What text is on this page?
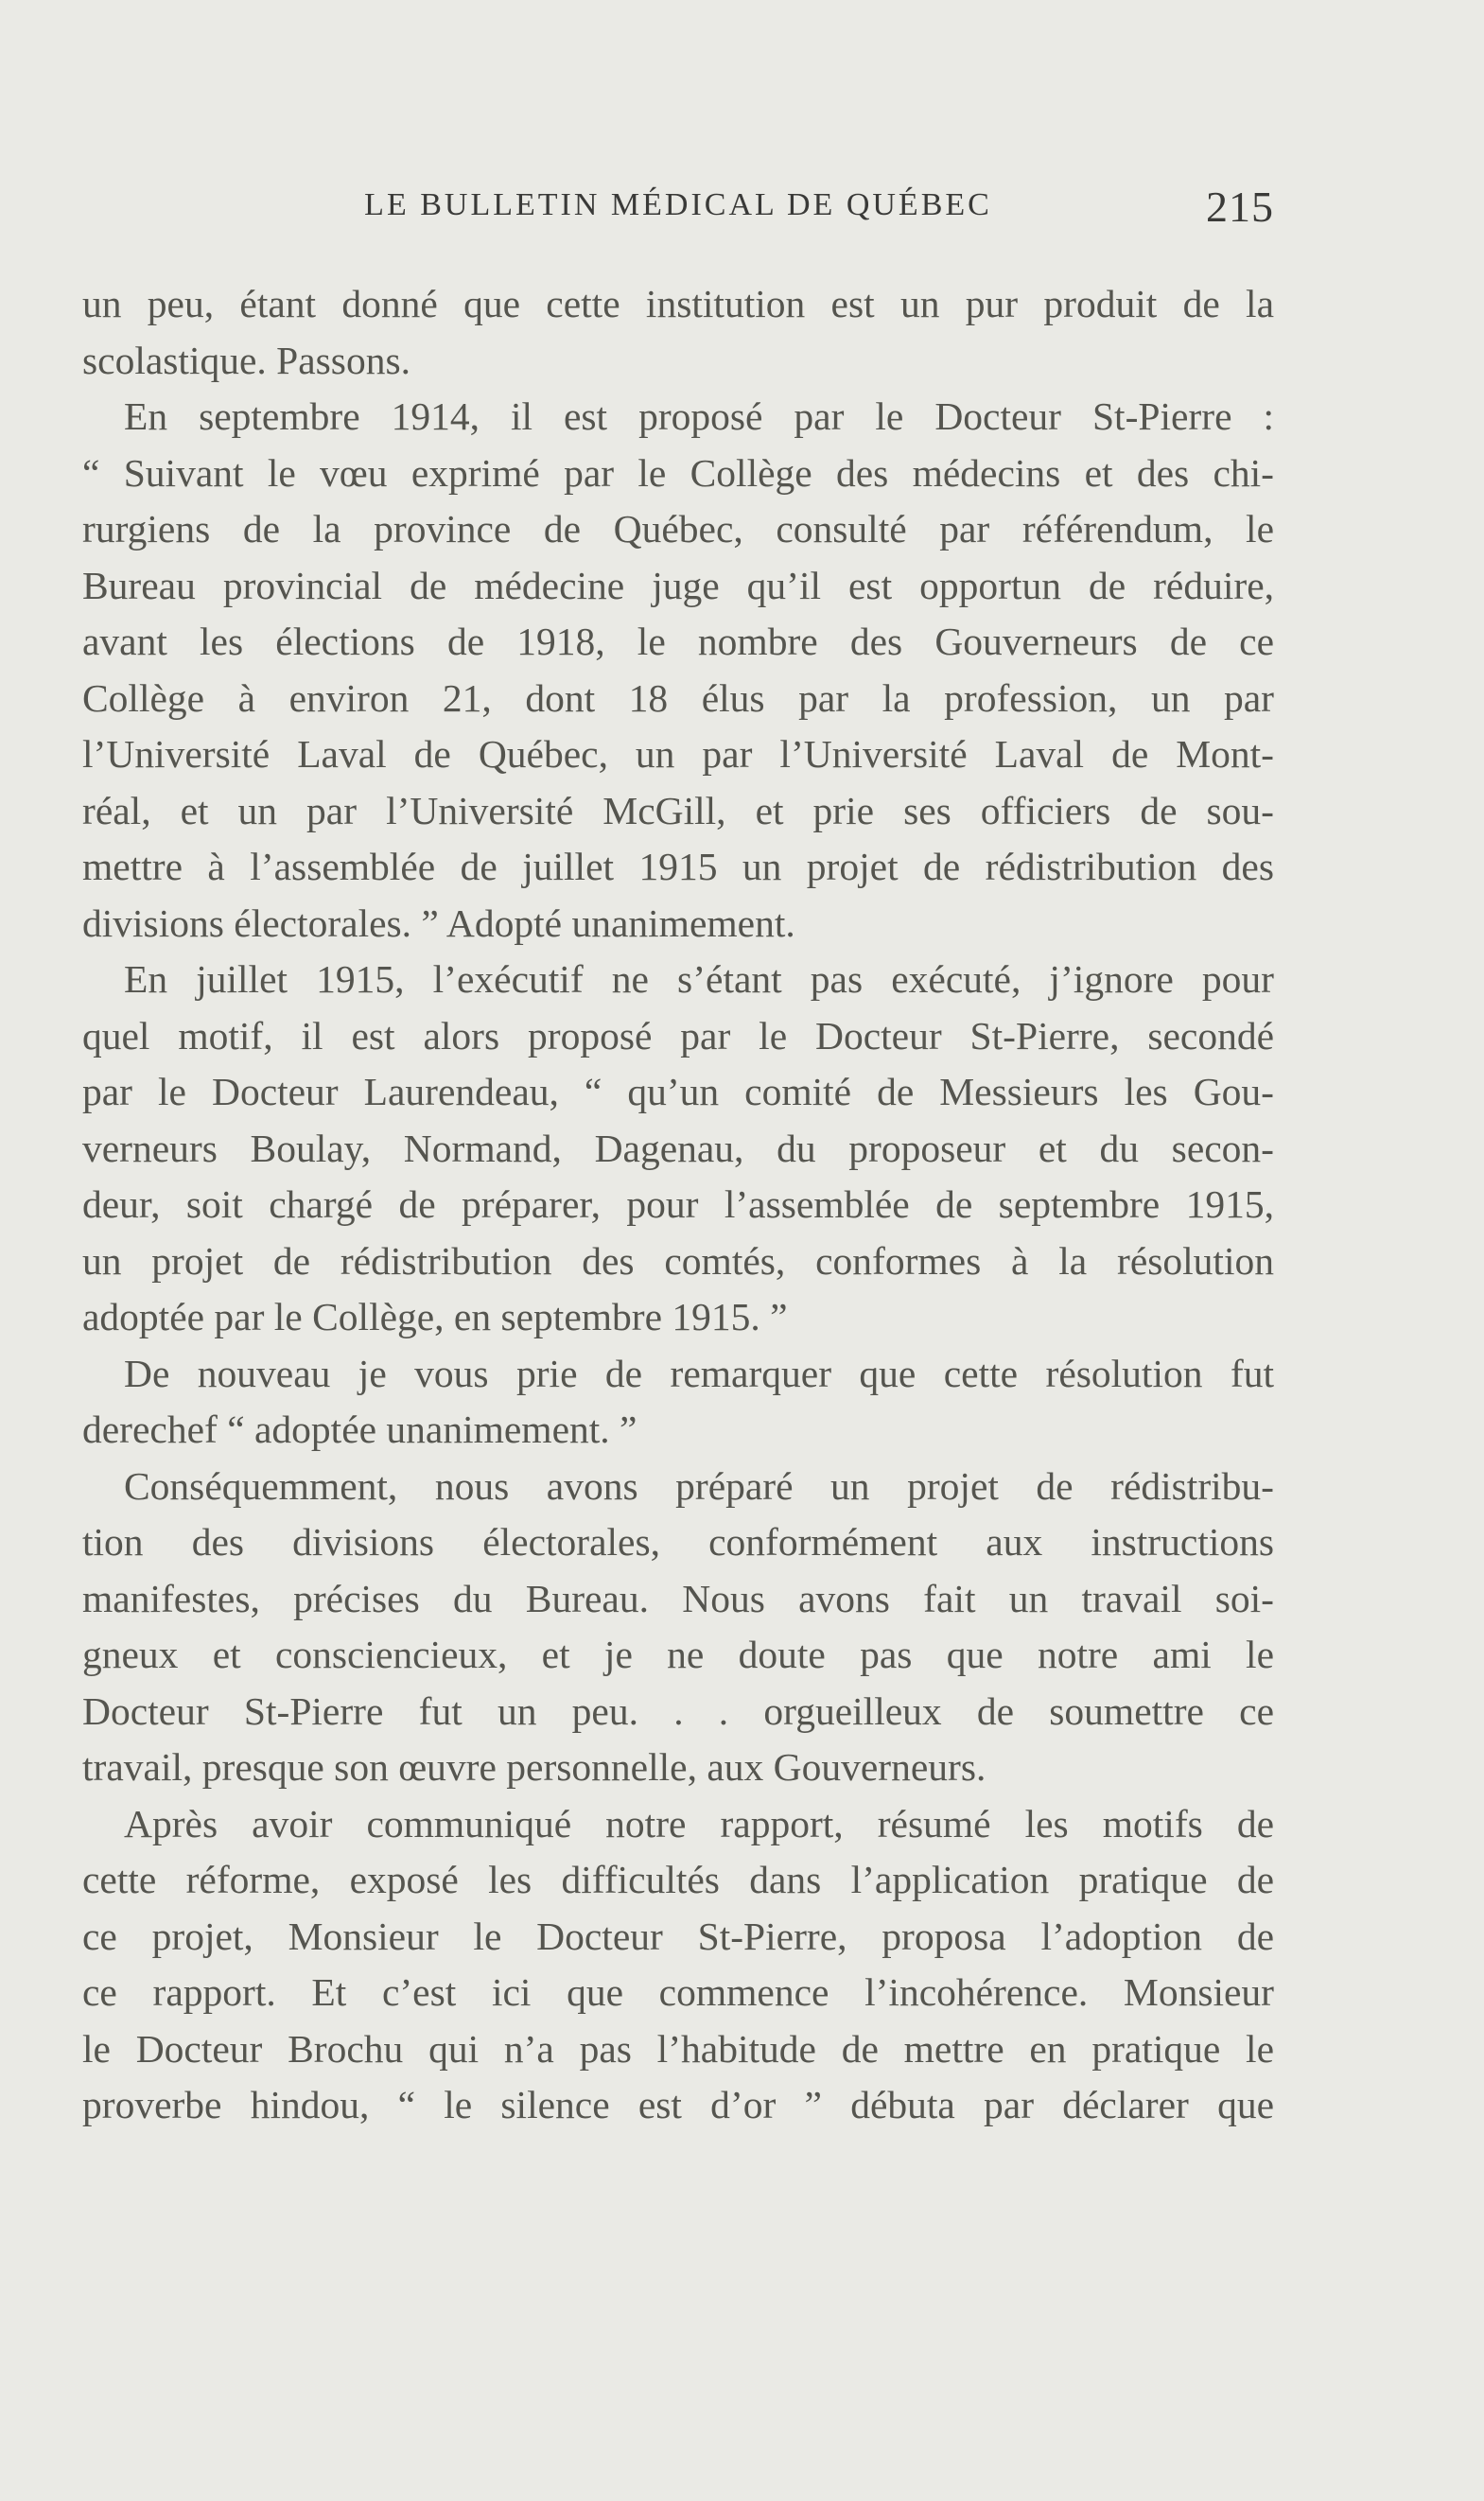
LE BULLETIN MÉDICAL DE QUÉBEC	215
un peu, étant donné que cette institution est un pur produit de la
scolastique. Passons.
En septembre 1914, il est proposé par le Docteur St-Pierre :
“ Suivant le vœu exprimé par le Collège des médecins et des chi-
rurgiens de la province de Québec, consulté par référendum, le
Bureau provincial de médecine juge qu’il est opportun de réduire,
avant les élections de 1918, le nombre des Gouverneurs de ce
Collège à environ 21, dont 18 élus par la profession, un par
l’Université Laval de Québec, un par l’Université Laval de Mont-
réal, et un par l’Université McGill, et prie ses officiers de sou-
mettre à l’assemblée de juillet 1915 un projet de rédistribution des
divisions électorales. ” Adopté unanimement.
En juillet 1915, l’exécutif ne s’étant pas exécuté, j’ignore pour
quel motif, il est alors proposé par le Docteur St-Pierre, secondé
par le Docteur Laurendeau, “ qu’un comité de Messieurs les Gou-
verneurs Boulay, Normand, Dagenau, du proposeur et du secon-
deur, soit chargé de préparer, pour l’assemblée de septembre 1915,
un projet de rédistribution des comtés, conformes à la résolution
adoptée par le Collège, en septembre 1915. ”
De nouveau je vous prie de remarquer que cette résolution fut
derechef “ adoptée unanimement. ”
Conséquemment, nous avons préparé un projet de rédistribu-
tion des divisions électorales, conformément aux instructions
manifestes, précises du Bureau. Nous avons fait un travail soi-
gneux et consciencieux, et je ne doute pas que notre ami le
Docteur St-Pierre fut un peu. . . orgueilleux de soumettre ce
travail, presque son œuvre personnelle, aux Gouverneurs.
Après avoir communiqué notre rapport, résumé les motifs de
cette réforme, exposé les difficultés dans l’application pratique de
ce projet, Monsieur le Docteur St-Pierre, proposa l’adoption de
ce rapport. Et c’est ici que commence l’incohérence. Monsieur
le Docteur Brochu qui n’a pas l’habitude de mettre en pratique le
proverbe hindou, “ le silence est d’or ” débuta par déclarer que
